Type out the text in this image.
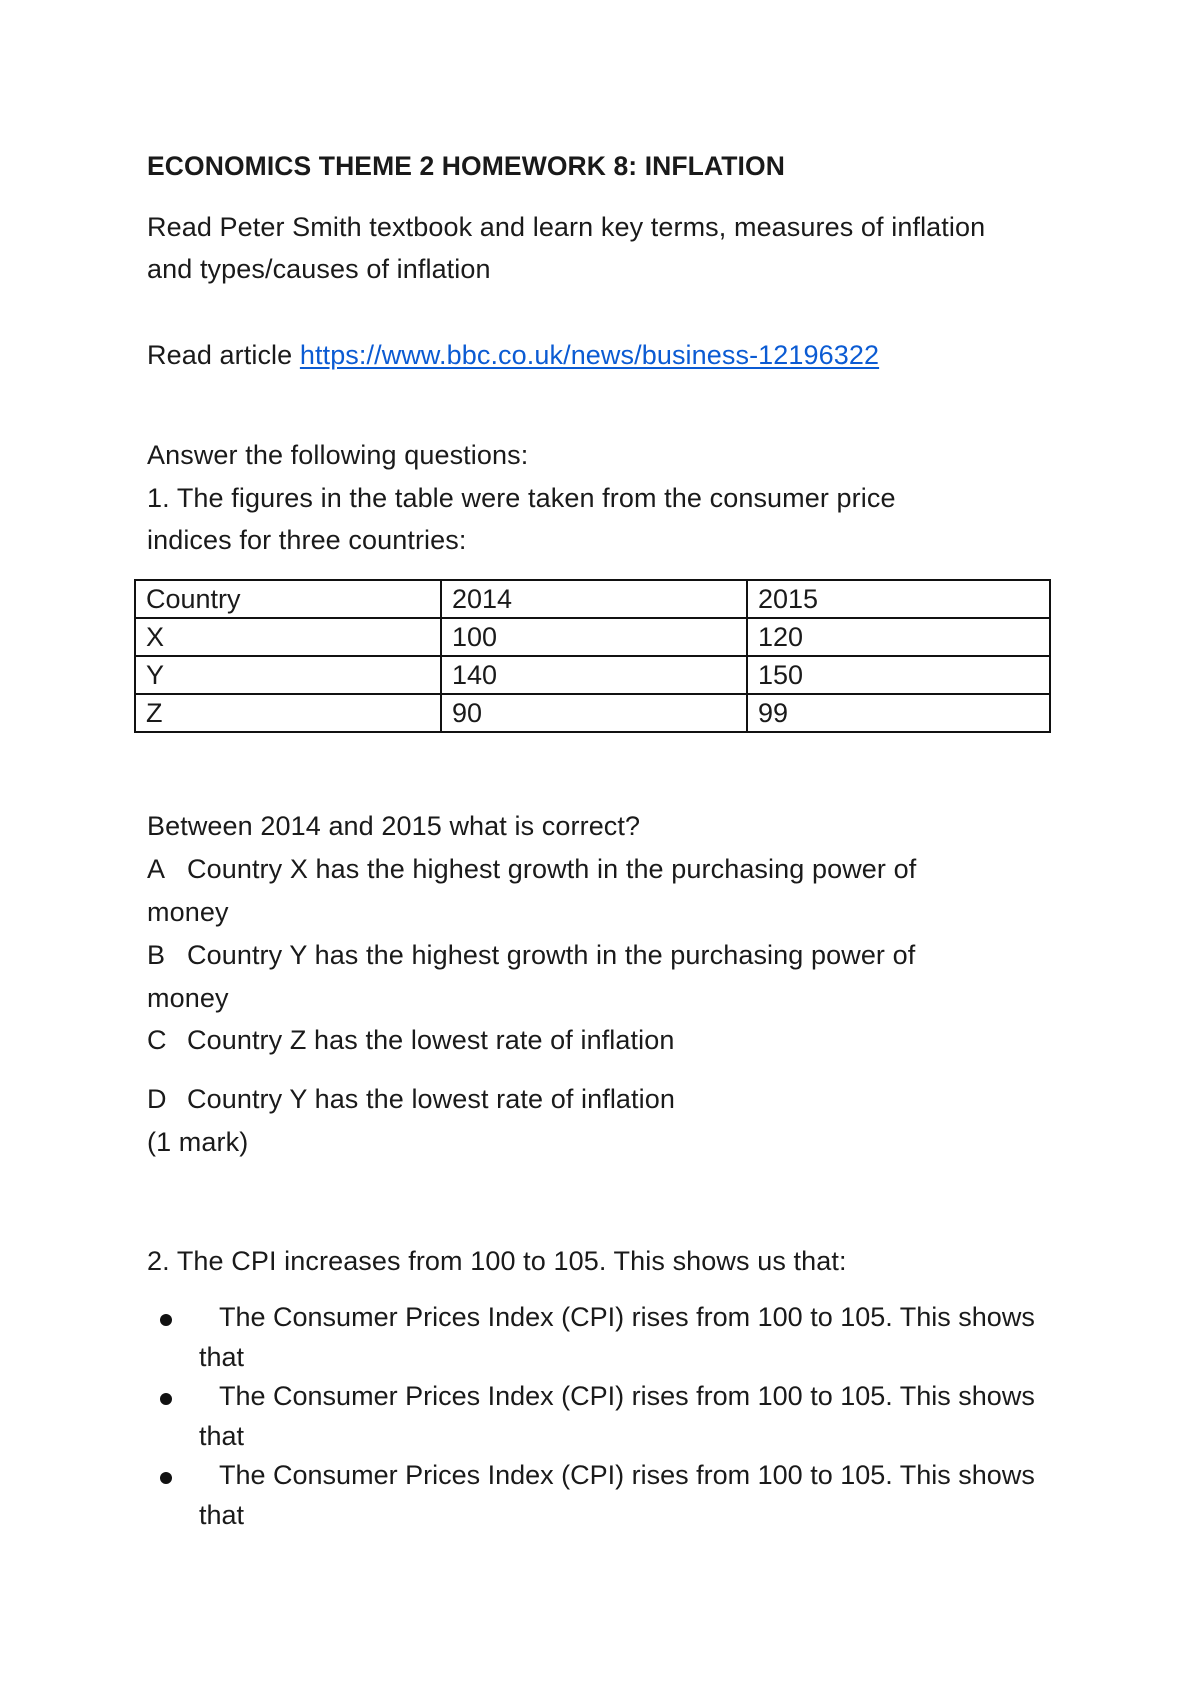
ECONOMICS THEME 2 HOMEWORK 8: INFLATION
Read Peter Smith textbook and learn key terms, measures of inflation
and types/causes of inflation
Read article https://www.bbc.co.uk/news/business-12196322
Answer the following questions:
1. The figures in the table were taken from the consumer price
indices for three countries:
Country	2014	2015
X	100	120
Y	140	150
Z	90	99
Between 2014 and 2015 what is correct?
A Country X has the highest growth in the purchasing power of
money
B Country Y has the highest growth in the purchasing power of
money
C Country Z has the lowest rate of inflation
D Country Y has the lowest rate of inflation
(1 mark)
2. The CPI increases from 100 to 105. This shows us that:
The Consumer Prices Index (CPI) rises from 100 to 105. This shows that
The Consumer Prices Index (CPI) rises from 100 to 105. This shows that
The Consumer Prices Index (CPI) rises from 100 to 105. This shows that
